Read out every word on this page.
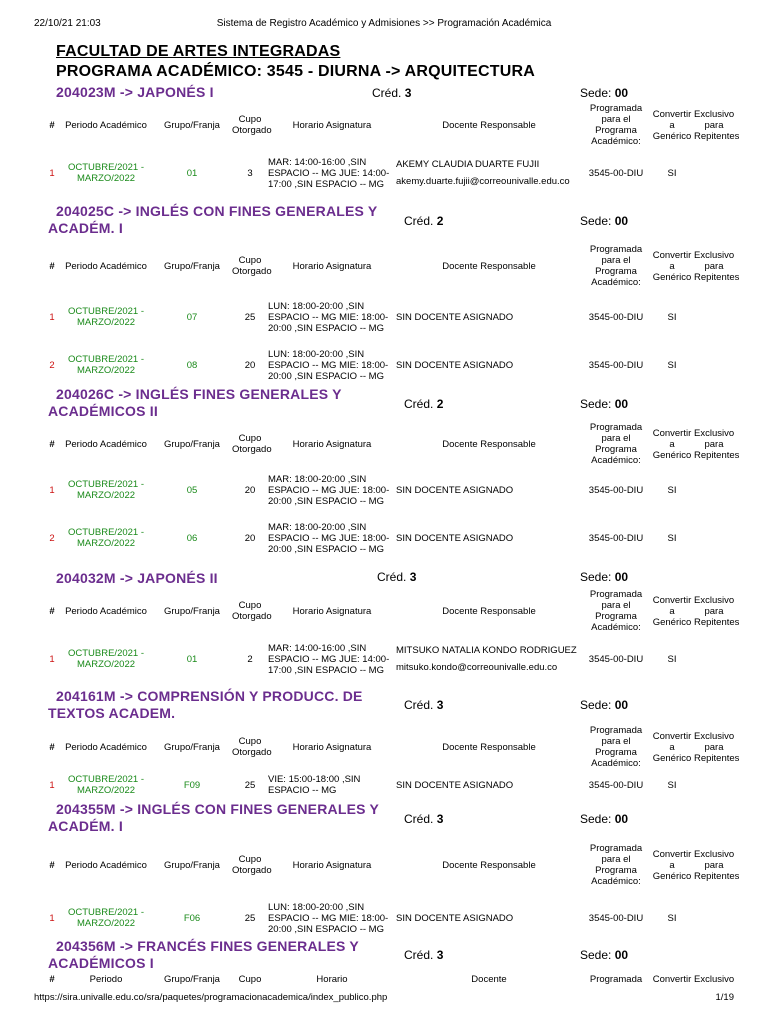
22/10/21 21:03	Sistema de Registro Académico y Admisiones >> Programación Académica
FACULTAD DE ARTES INTEGRADAS
PROGRAMA ACADÉMICO: 3545 - DIURNA -> ARQUITECTURA
204023M -> JAPONÉS I	Créd. 3	Sede: 00
#	Periodo Académico	Grupo/Franja	Cupo Otorgado	Horario Asignatura	Docente Responsable	Programada para el Programa Académico:	Convertir a Genérico	Exclusivo para Repitentes
1	OCTUBRE/2021 - MARZO/2022	01	3	MAR: 14:00-16:00 ,SIN ESPACIO -- MG JUE: 14:00-17:00 ,SIN ESPACIO -- MG	AKEMY CLAUDIA DUARTE FUJII
akemy.duarte.fujii@correounivalle.edu.co	3545-00-DIU	SI	
204025C -> INGLÉS CON FINES GENERALES Y
ACADÉM. I	Créd. 2	Sede: 00
#	Periodo Académico	Grupo/Franja	Cupo Otorgado	Horario Asignatura	Docente Responsable	Programada para el Programa Académico:	Convertir a Genérico	Exclusivo para Repitentes
1	OCTUBRE/2021 - MARZO/2022	07	25	LUN: 18:00-20:00 ,SIN ESPACIO -- MG MIE: 18:00-20:00 ,SIN ESPACIO -- MG	SIN DOCENTE ASIGNADO	3545-00-DIU	SI	
2	OCTUBRE/2021 - MARZO/2022	08	20	LUN: 18:00-20:00 ,SIN ESPACIO -- MG MIE: 18:00-20:00 ,SIN ESPACIO -- MG	SIN DOCENTE ASIGNADO	3545-00-DIU	SI	
204026C -> INGLÉS FINES GENERALES Y
ACADÉMICOS II	Créd. 2	Sede: 00
#	Periodo Académico	Grupo/Franja	Cupo Otorgado	Horario Asignatura	Docente Responsable	Programada para el Programa Académico:	Convertir a Genérico	Exclusivo para Repitentes
1	OCTUBRE/2021 - MARZO/2022	05	20	MAR: 18:00-20:00 ,SIN ESPACIO -- MG JUE: 18:00-20:00 ,SIN ESPACIO -- MG	SIN DOCENTE ASIGNADO	3545-00-DIU	SI	
2	OCTUBRE/2021 - MARZO/2022	06	20	MAR: 18:00-20:00 ,SIN ESPACIO -- MG JUE: 18:00-20:00 ,SIN ESPACIO -- MG	SIN DOCENTE ASIGNADO	3545-00-DIU	SI	
204032M -> JAPONÉS II	Créd. 3	Sede: 00
#	Periodo Académico	Grupo/Franja	Cupo Otorgado	Horario Asignatura	Docente Responsable	Programada para el Programa Académico:	Convertir a Genérico	Exclusivo para Repitentes
1	OCTUBRE/2021 - MARZO/2022	01	2	MAR: 14:00-16:00 ,SIN ESPACIO -- MG JUE: 14:00-17:00 ,SIN ESPACIO -- MG	MITSUKO NATALIA KONDO RODRIGUEZ
mitsuko.kondo@correounivalle.edu.co	3545-00-DIU	SI	
204161M -> COMPRENSIÓN Y PRODUCC. DE
TEXTOS ACADEM.	Créd. 3	Sede: 00
#	Periodo Académico	Grupo/Franja	Cupo Otorgado	Horario Asignatura	Docente Responsable	Programada para el Programa Académico:	Convertir a Genérico	Exclusivo para Repitentes
1	OCTUBRE/2021 - MARZO/2022	F09	25	VIE: 15:00-18:00 ,SIN ESPACIO -- MG	SIN DOCENTE ASIGNADO	3545-00-DIU	SI	
204355M -> INGLÉS CON FINES GENERALES Y
ACADÉM. I	Créd. 3	Sede: 00
#	Periodo Académico	Grupo/Franja	Cupo Otorgado	Horario Asignatura	Docente Responsable	Programada para el Programa Académico:	Convertir a Genérico	Exclusivo para Repitentes
1	OCTUBRE/2021 - MARZO/2022	F06	25	LUN: 18:00-20:00 ,SIN ESPACIO -- MG MIE: 18:00-20:00 ,SIN ESPACIO -- MG	SIN DOCENTE ASIGNADO	3545-00-DIU	SI	
204356M -> FRANCÉS FINES GENERALES Y
ACADÉMICOS I	Créd. 3	Sede: 00
#	Periodo	Grupo/Franja	Cupo	Horario	Docente	Programada	Convertir	Exclusivo
https://sira.univalle.edu.co/sra/paquetes/programacionacademica/index_publico.php	1/19
